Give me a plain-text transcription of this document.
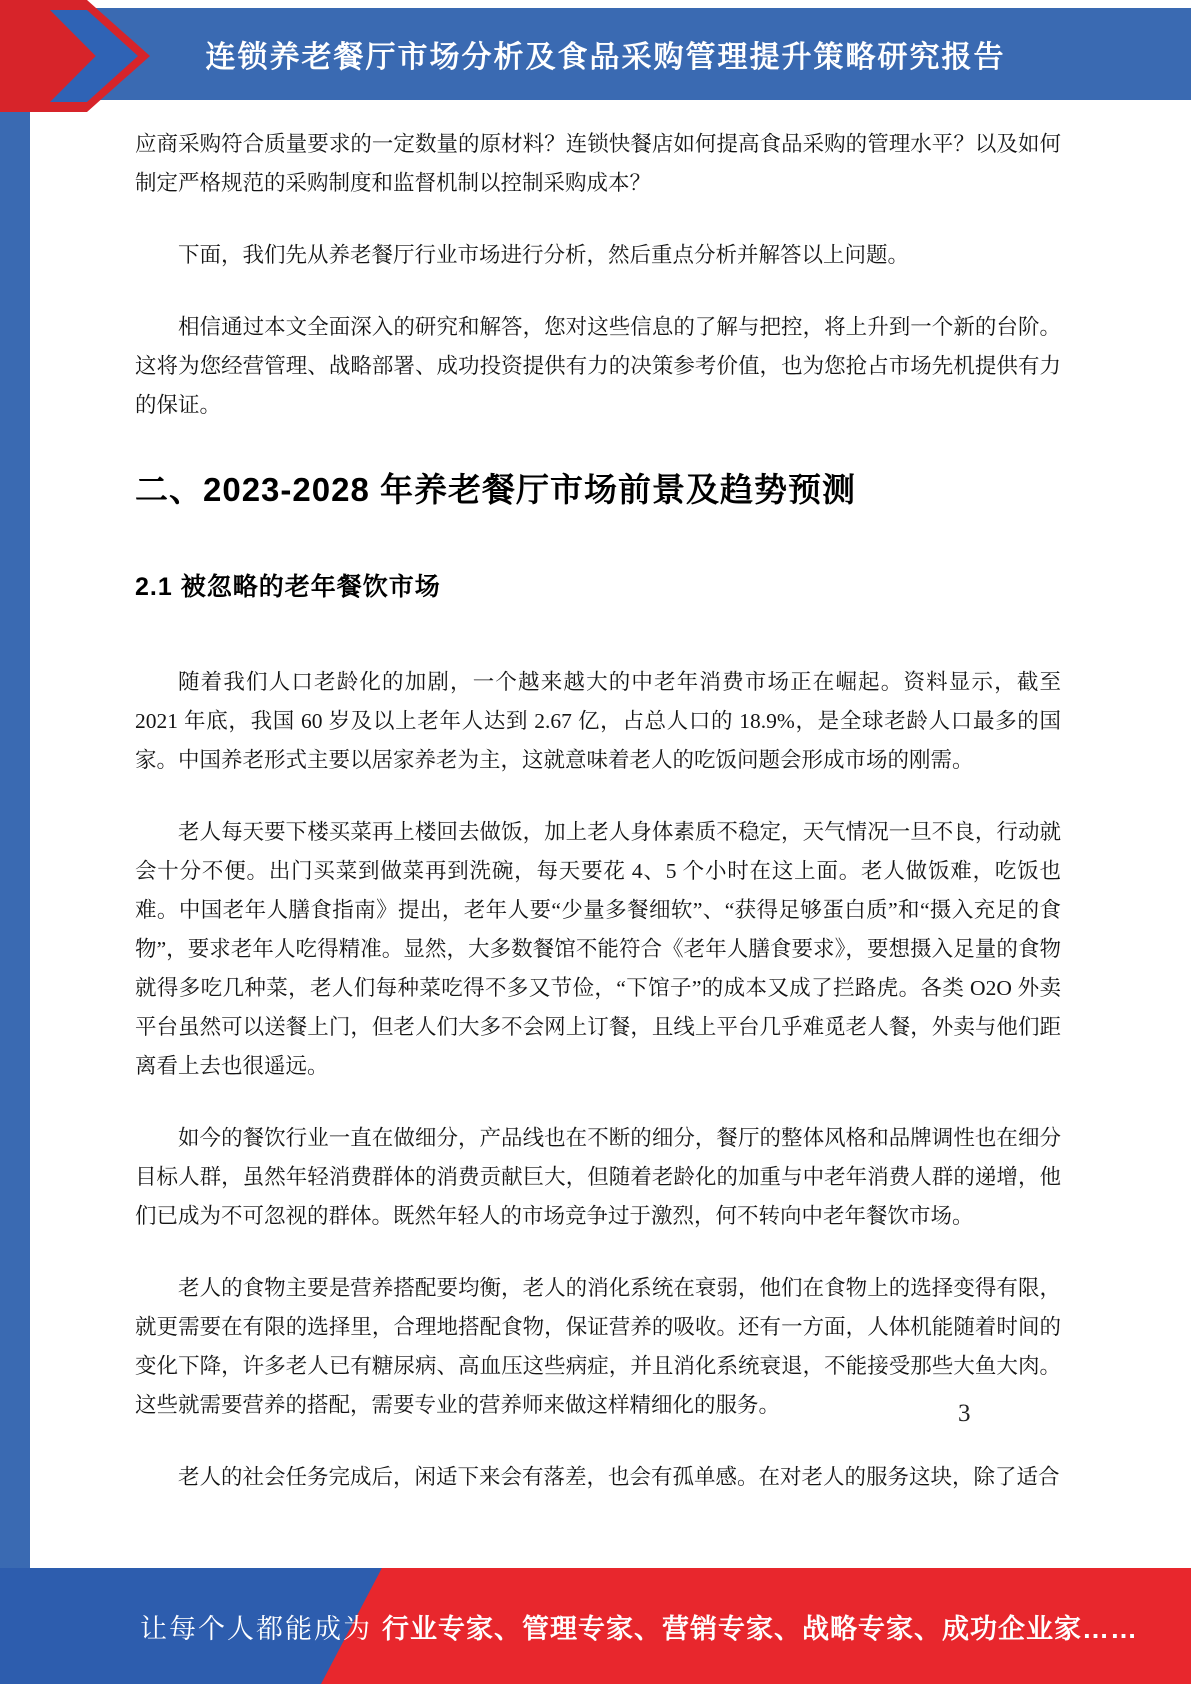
连锁养老餐厅市场分析及食品采购管理提升策略研究报告

应商采购符合质量要求的一定数量的原材料？连锁快餐店如何提高食品采购的管理水平？以及如何制定严格规范的采购制度和监督机制以控制采购成本？

下面，我们先从养老餐厅行业市场进行分析，然后重点分析并解答以上问题。

相信通过本文全面深入的研究和解答，您对这些信息的了解与把控，将上升到一个新的台阶。这将为您经营管理、战略部署、成功投资提供有力的决策参考价值，也为您抢占市场先机提供有力的保证。

二、2023-2028 年养老餐厅市场前景及趋势预测
2.1 被忽略的老年餐饮市场

随着我们人口老龄化的加剧，一个越来越大的中老年消费市场正在崛起。资料显示，截至 2021 年底，我国 60 岁及以上老年人达到 2.67 亿，占总人口的 18.9%，是全球老龄人口最多的国家。中国养老形式主要以居家养老为主，这就意味着老人的吃饭问题会形成市场的刚需。

老人每天要下楼买菜再上楼回去做饭，加上老人身体素质不稳定，天气情况一旦不良，行动就会十分不便。出门买菜到做菜再到洗碗，每天要花 4、5 个小时在这上面。老人做饭难，吃饭也难。中国老年人膳食指南》提出，老年人要“少量多餐细软”、“获得足够蛋白质”和“摄入充足的食物”，要求老年人吃得精准。显然，大多数餐馆不能符合《老年人膳食要求》，要想摄入足量的食物就得多吃几种菜，老人们每种菜吃得不多又节俭，“下馆子”的成本又成了拦路虎。各类 O2O 外卖平台虽然可以送餐上门，但老人们大多不会网上订餐，且线上平台几乎难觅老人餐，外卖与他们距离看上去也很遥远。

如今的餐饮行业一直在做细分，产品线也在不断的细分，餐厅的整体风格和品牌调性也在细分目标人群，虽然年轻消费群体的消费贡献巨大，但随着老龄化的加重与中老年消费人群的递增，他们已成为不可忽视的群体。既然年轻人的市场竞争过于激烈，何不转向中老年餐饮市场。

老人的食物主要是营养搭配要均衡，老人的消化系统在衰弱，他们在食物上的选择变得有限，就更需要在有限的选择里，合理地搭配食物，保证营养的吸收。还有一方面，人体机能随着时间的变化下降，许多老人已有糖尿病、高血压这些病症，并且消化系统衰退，不能接受那些大鱼大肉。这些就需要营养的搭配，需要专业的营养师来做这样精细化的服务。

老人的社会任务完成后，闲适下来会有落差，也会有孤单感。在对老人的服务这块，除了适合

3
让每个人都能成为 行业专家、管理专家、营销专家、战略专家、成功企业家……
